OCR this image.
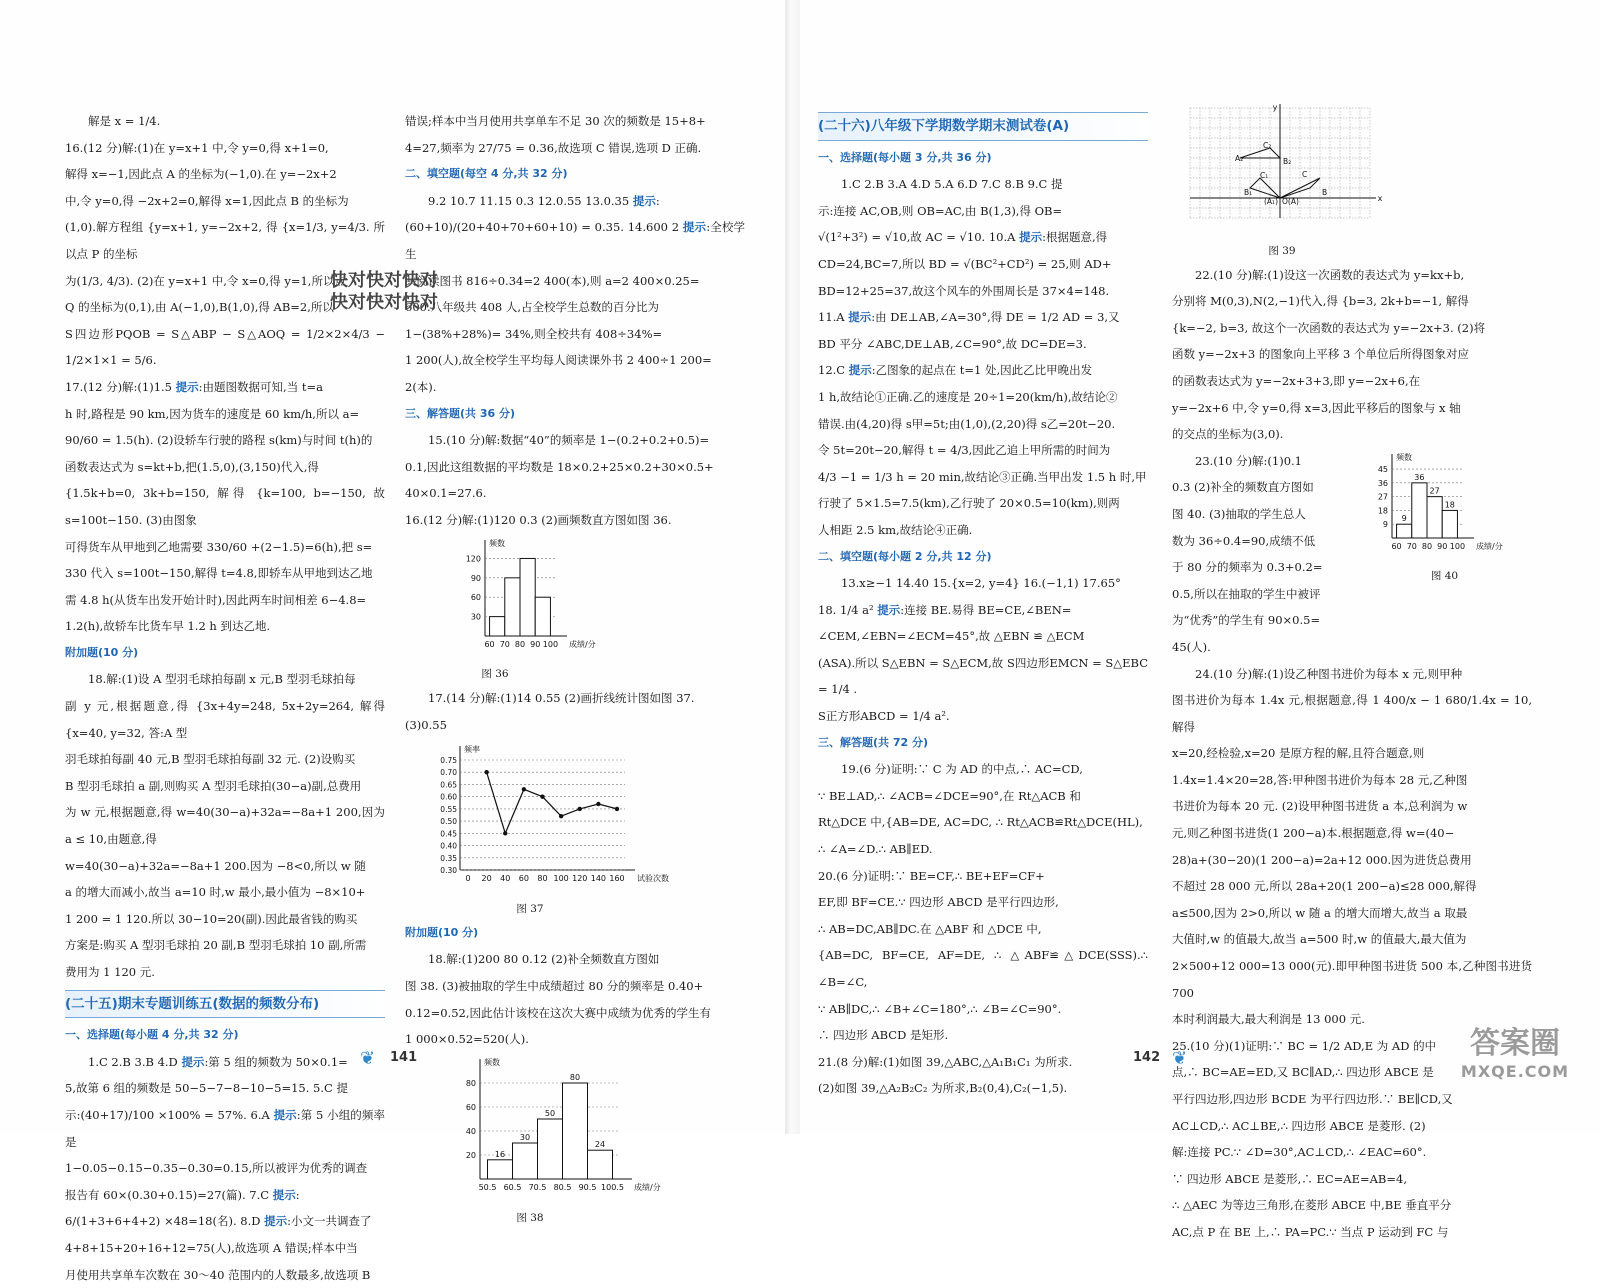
解是 x = 1/4.

16.(12 分)解:(1)在 y=x+1 中,令 y=0,得 x+1=0,

解得 x=−1,因此点 A 的坐标为(−1,0).在 y=−2x+2

中,令 y=0,得 −2x+2=0,解得 x=1,因此点 B 的坐标为

(1,0).解方程组 {y=x+1, y=−2x+2, 得 {x=1/3, y=4/3. 所以点 P 的坐标

为(1/3, 4/3). (2)在 y=x+1 中,令 x=0,得 y=1,所以点

Q 的坐标为(0,1),由 A(−1,0),B(1,0),得 AB=2,所以

S四边形PQOB = S△ABP − S△AOQ = 1/2×2×4/3 − 1/2×1×1 = 5/6.

17.(12 分)解:(1)1.5 提示:由题图数据可知,当 t=a

h 时,路程是 90 km,因为货车的速度是 60 km/h,所以 a=

90/60 = 1.5(h). (2)设轿车行驶的路程 s(km)与时间 t(h)的

函数表达式为 s=kt+b,把(1.5,0),(3,150)代入,得

{1.5k+b=0, 3k+b=150, 解得 {k=100, b=−150, 故 s=100t−150. (3)由图象

可得货车从甲地到乙地需要 330/60 +(2−1.5)=6(h),把 s=

330 代入 s=100t−150,解得 t=4.8,即轿车从甲地到达乙地

需 4.8 h(从货车出发开始计时),因此两车时间相差 6−4.8=

1.2(h),故轿车比货车早 1.2 h 到达乙地.

附加题(10 分)

18.解:(1)设 A 型羽毛球拍每副 x 元,B 型羽毛球拍每

副 y 元,根据题意,得 {3x+4y=248, 5x+2y=264, 解得 {x=40, y=32, 答:A 型

羽毛球拍每副 40 元,B 型羽毛球拍每副 32 元. (2)设购买

B 型羽毛球拍 a 副,则购买 A 型羽毛球拍(30−a)副,总费用

为 w 元,根据题意,得 w=40(30−a)+32a=−8a+1 200,因为 a ≤ 10,由题意,得

w=40(30−a)+32a=−8a+1 200.因为 −8<0,所以 w 随

a 的增大而减小,故当 a=10 时,w 最小,最小值为 −8×10+

1 200 = 1 120.所以 30−10=20(副).因此最省钱的购买

方案是:购买 A 型羽毛球拍 20 副,B 型羽毛球拍 10 副,所需

费用为 1 120 元.

(二十五)期末专题训练五(数据的频数分布)

一、选择题(每小题 4 分,共 32 分)

1.C 2.B 3.B 4.D 提示:第 5 组的频数为 50×0.1=

5,故第 6 组的频数是 50−5−7−8−10−5=15. 5.C 提

示:(40+17)/100 ×100% = 57%. 6.A 提示:第 5 小组的频率是

1−0.05−0.15−0.35−0.30=0.15,所以被评为优秀的调查

报告有 60×(0.30+0.15)=27(篇). 7.C 提示:

6/(1+3+6+4+2) ×48=18(名). 8.D 提示:小文一共调查了

4+8+15+20+16+12=75(人),故选项 A 错误;样本中当

月使用共享单车次数在 30～40 范围内的人数最多,故选项 B

错误;样本中当月使用共享单车不足 30 次的频数是 15+8+

4=27,频率为 27/75 = 0.36,故选项 C 错误,选项 D 正确.

二、填空题(每空 4 分,共 32 分)

9.2 10.7 11.15 0.3 12.0.55 13.0.35 提示:

(60+10)/(20+40+70+60+10) = 0.35. 14.600 2 提示:全校学生

共阅读图书 816÷0.34=2 400(本),则 a=2 400×0.25=

600.八年级共 408 人,占全校学生总数的百分比为

1−(38%+28%)= 34%,则全校共有 408÷34%=

1 200(人),故全校学生平均每人阅读课外书 2 400÷1 200=

2(本).

三、解答题(共 36 分)

15.(10 分)解:数据“40”的频率是 1−(0.2+0.2+0.5)=

0.1,因此这组数据的平均数是 18×0.2+25×0.2+30×0.5+

40×0.1=27.6.

16.(12 分)解:(1)120 0.3 (2)画频数直方图如图 36.

30
60
90
120
60 70 80 90 100
频数
成绩/分
图 36

17.(14 分)解:(1)14 0.55 (2)画折线统计图如图 37.

(3)0.55

0.30
0.35
0.40
0.45
0.50
0.55
0.60
0.65
0.70
0.75
0 20 40 60 80 100 120 140 160
频率
试验次数
图 37

附加题(10 分)

18.解:(1)200 80 0.12 (2)补全频数直方图如

图 38. (3)被抽取的学生中成绩超过 80 分的频率是 0.40+

0.12=0.52,因此估计该校在这次大赛中成绩为优秀的学生有

1 000×0.52=520(人).

20
40
60
80
50.5 60.5 70.5 80.5 90.5 100.5
16
30
50
80
24
频数
成绩/分
图 38
快对快对快对
快对快对快对
❦ 141

(二十六)八年级下学期数学期末测试卷(A)

一、选择题(每小题 3 分,共 36 分)

1.C 2.B 3.A 4.D 5.A 6.D 7.C 8.B 9.C 提

示:连接 AC,OB,则 OB=AC,由 B(1,3),得 OB=

√(1²+3²) = √10,故 AC = √10. 10.A 提示:根据题意,得

CD=24,BC=7,所以 BD = √(BC²+CD²) = 25,则 AD+

BD=12+25=37,故这个风车的外围周长是 37×4=148.

11.A 提示:由 DE⊥AB,∠A=30°,得 DE = 1/2 AD = 3,又

BD 平分 ∠ABC,DE⊥AB,∠C=90°,故 DC=DE=3.

12.C 提示:乙图象的起点在 t=1 处,因此乙比甲晚出发

1 h,故结论①正确.乙的速度是 20÷1=20(km/h),故结论②

错误.由(4,20)得 s甲=5t;由(1,0),(2,20)得 s乙=20t−20.

令 5t=20t−20,解得 t = 4/3,因此乙追上甲所需的时间为

4/3 −1 = 1/3 h = 20 min,故结论③正确.当甲出发 1.5 h 时,甲

行驶了 5×1.5=7.5(km),乙行驶了 20×0.5=10(km),则两

人相距 2.5 km,故结论④正确.

二、填空题(每小题 2 分,共 12 分)

13.x≥−1 14.40 15.{x=2, y=4} 16.(−1,1) 17.65°

18. 1/4 a² 提示:连接 BE.易得 BE=CE,∠BEN=

∠CEM,∠EBN=∠ECM=45°,故 △EBN ≌ △ECM

(ASA).所以 S△EBN = S△ECM,故 S四边形EMCN = S△EBC = 1/4 .

S正方形ABCD = 1/4 a².

三、解答题(共 72 分)

19.(6 分)证明:∵ C 为 AD 的中点,∴ AC=CD,

∵ BE⊥AD,∴ ∠ACB=∠DCE=90°,在 Rt△ACB 和

Rt△DCE 中,{AB=DE, AC=DC, ∴ Rt△ACB≌Rt△DCE(HL),

∴ ∠A=∠D.∴ AB∥ED.

20.(6 分)证明:∵ BE=CF,∴ BE+EF=CF+

EF,即 BF=CE.∵ 四边形 ABCD 是平行四边形,

∴ AB=DC,AB∥DC.在 △ABF 和 △DCE 中,

{AB=DC, BF=CE, AF=DE, ∴ △ABF≌△DCE(SSS).∴ ∠B=∠C,

∵ AB∥DC,∴ ∠B+∠C=180°,∴ ∠B=∠C=90°.

∴ 四边形 ABCD 是矩形.

21.(8 分)解:(1)如图 39,△ABC,△A₁B₁C₁ 为所求.

(2)如图 39,△A₂B₂C₂ 为所求,B₂(0,4),C₂(−1,5).

x
y
A₂
C₂
B₂
C₁
B₁
C
B
(A₁) O(A)
图 39

22.(10 分)解:(1)设这一次函数的表达式为 y=kx+b,

分别将 M(0,3),N(2,−1)代入,得 {b=3, 2k+b=−1, 解得

{k=−2, b=3, 故这个一次函数的表达式为 y=−2x+3. (2)将

函数 y=−2x+3 的图象向上平移 3 个单位后所得图象对应

的函数表达式为 y=−2x+3+3,即 y=−2x+6,在

y=−2x+6 中,令 y=0,得 x=3,因此平移后的图象与 x 轴

的交点的坐标为(3,0).

23.(10 分)解:(1)0.1

0.3 (2)补全的频数直方图如

图 40. (3)抽取的学生总人

数为 36÷0.4=90,成绩不低

于 80 分的频率为 0.3+0.2=

0.5,所以在抽取的学生中被评

为“优秀”的学生有 90×0.5=

45(人).

9
18
27
36
45
60 70 80 90 100
9
36
27
18
频数
成绩/分
图 40

24.(10 分)解:(1)设乙种图书进价为每本 x 元,则甲种

图书进价为每本 1.4x 元,根据题意,得 1 400/x − 1 680/1.4x = 10,解得

x=20,经检验,x=20 是原方程的解,且符合题意,则

1.4x=1.4×20=28,答:甲种图书进价为每本 28 元,乙种图

书进价为每本 20 元. (2)设甲种图书进货 a 本,总利润为 w

元,则乙种图书进货(1 200−a)本.根据题意,得 w=(40−

28)a+(30−20)(1 200−a)=2a+12 000.因为进货总费用

不超过 28 000 元,所以 28a+20(1 200−a)≤28 000,解得

a≤500,因为 2>0,所以 w 随 a 的增大而增大,故当 a 取最

大值时,w 的值最大,故当 a=500 时,w 的值最大,最大值为

2×500+12 000=13 000(元).即甲种图书进货 500 本,乙种图书进货 700

本时利润最大,最大利润是 13 000 元.

25.(10 分)(1)证明:∵ BC = 1/2 AD,E 为 AD 的中

点,∴ BC=AE=ED,又 BC∥AD,∴ 四边形 ABCE 是

平行四边形,四边形 BCDE 为平行四边形.∵ BE∥CD,又

AC⊥CD,∴ AC⊥BE,∴ 四边形 ABCE 是菱形. (2)

解:连接 PC.∵ ∠D=30°,AC⊥CD,∴ ∠EAC=60°.

∵ 四边形 ABCE 是菱形,∴ EC=AE=AB=4,

∴ △AEC 为等边三角形,在菱形 ABCE 中,BE 垂直平分

AC,点 P 在 BE 上,∴ PA=PC.∵ 当点 P 运动到 FC 与

142 ❦	答案圈
MXQE.COM
